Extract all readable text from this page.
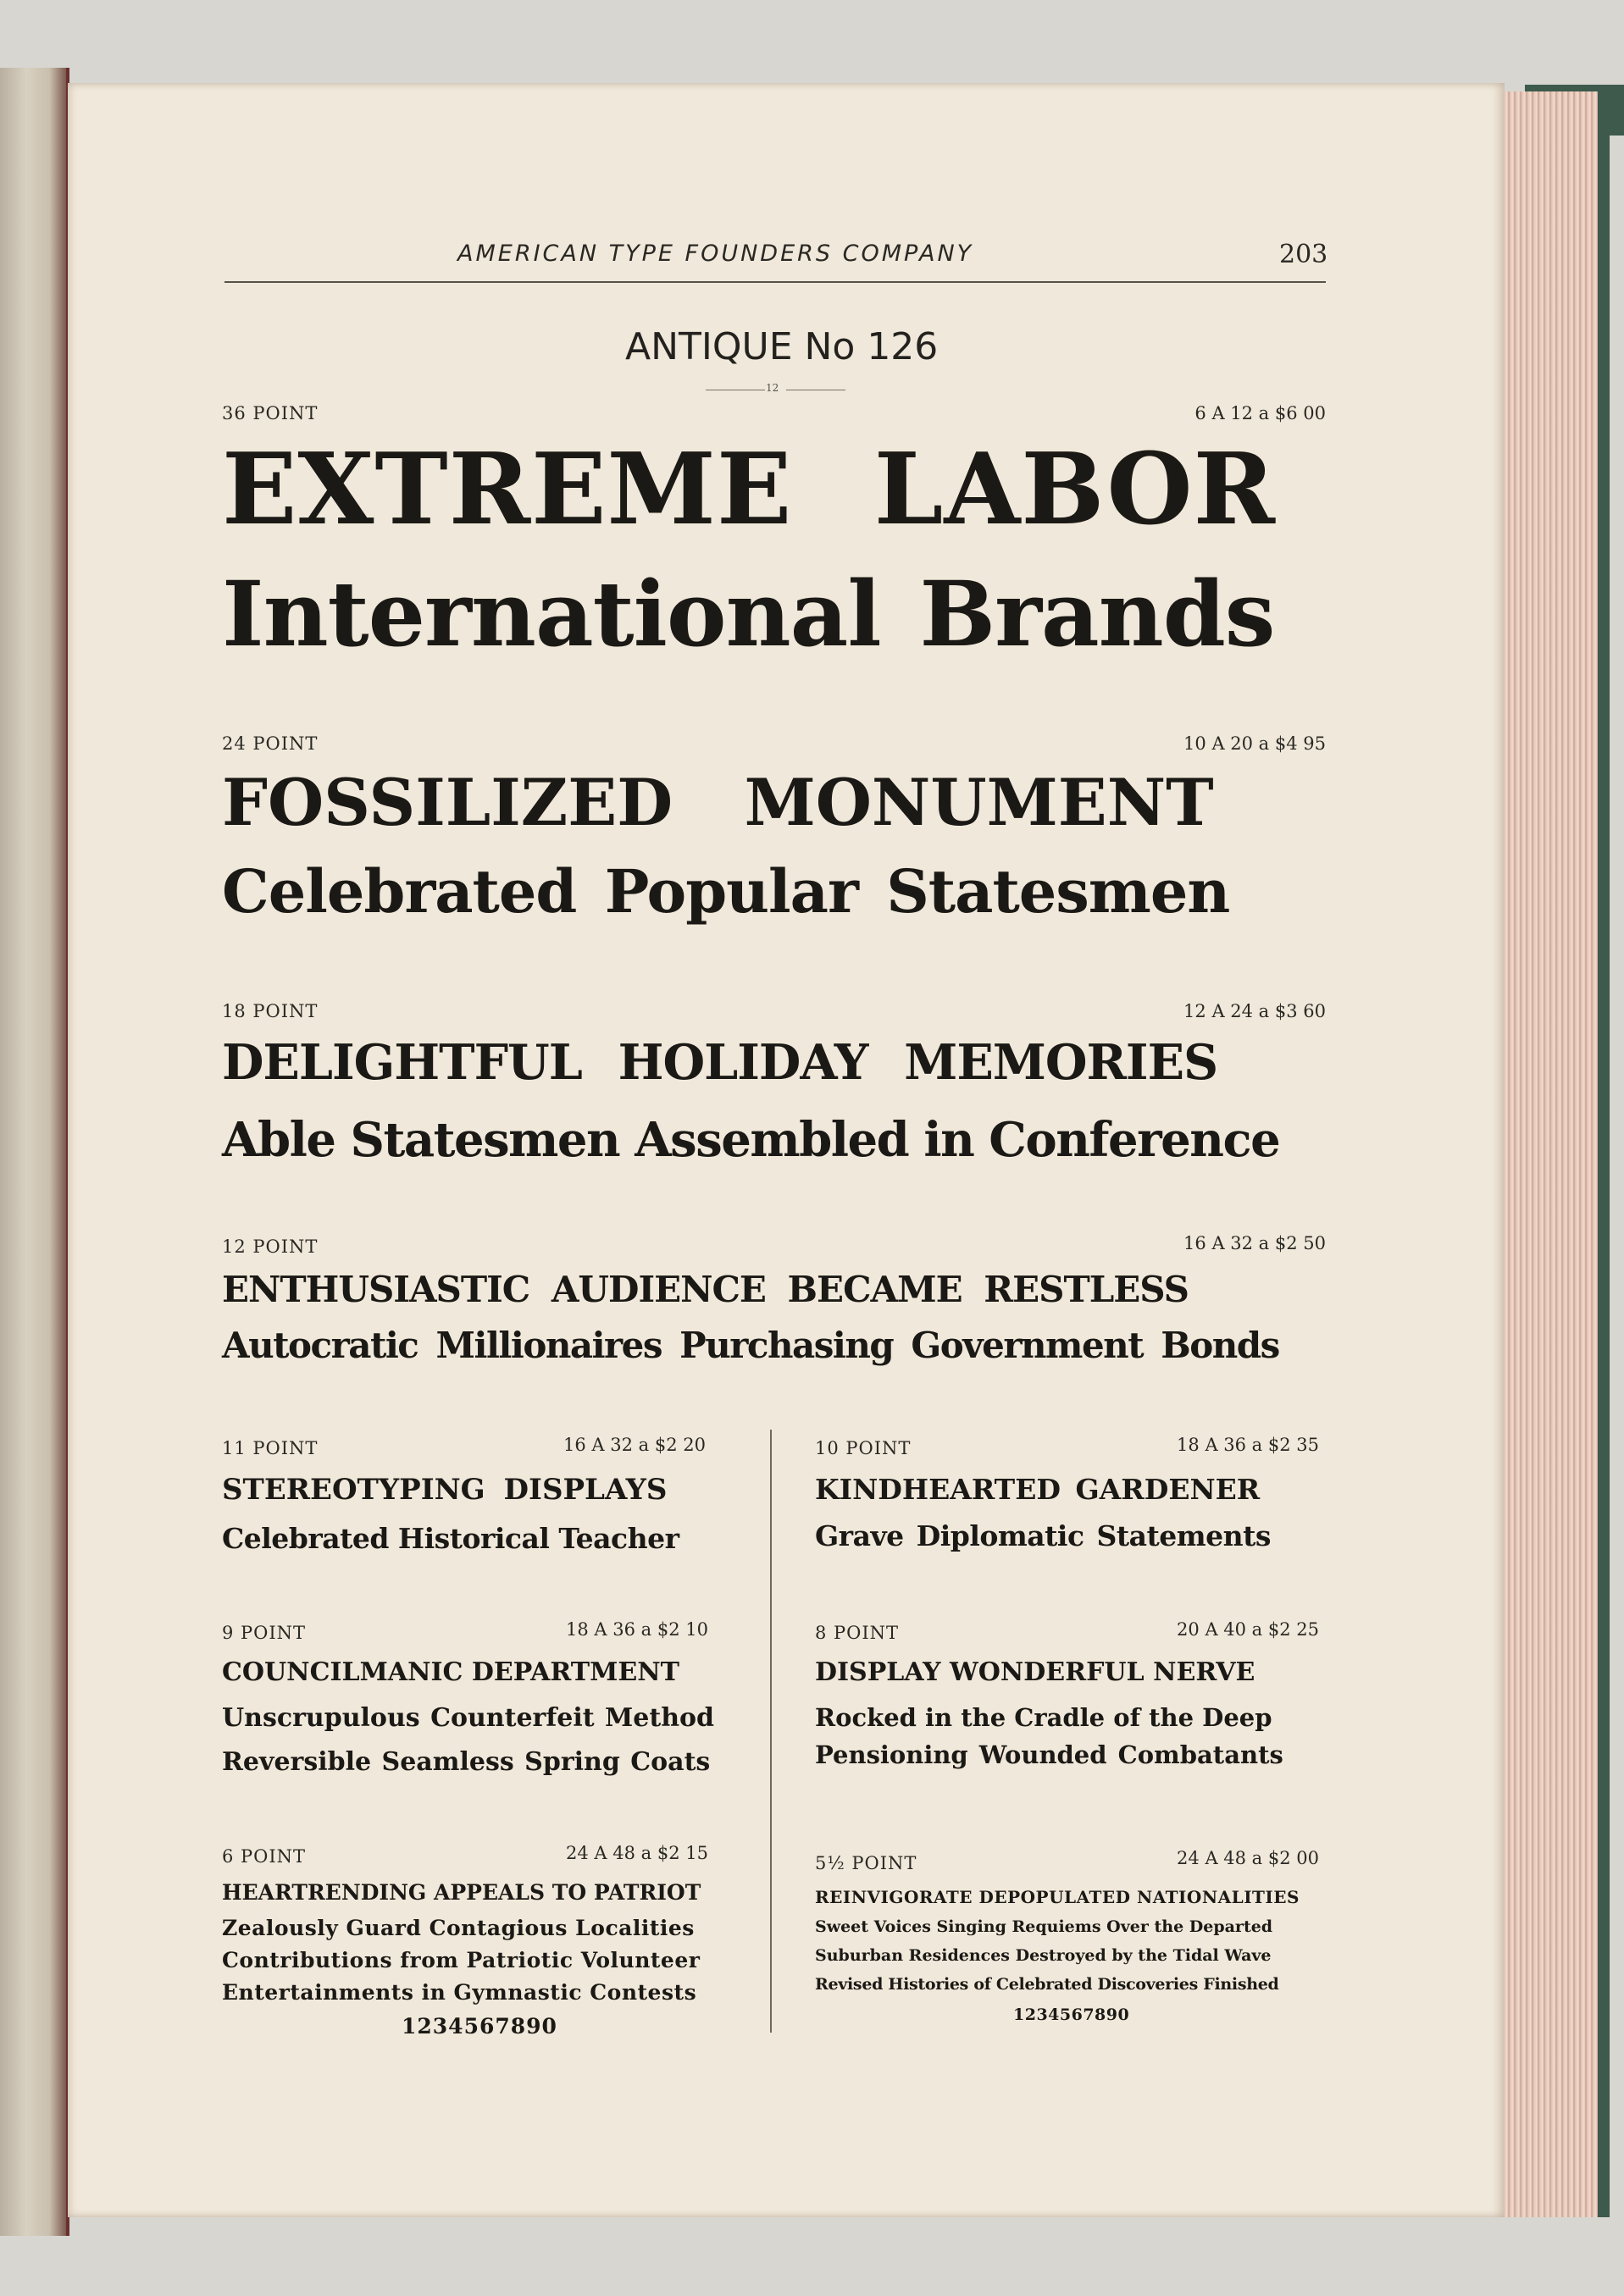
AMERICAN TYPE FOUNDERS COMPANY	203

ANTIQUE No 126

12

36 POINT	6 A 12 a $6 00

EXTREME LABOR

International Brands

24 POINT	10 A 20 a $4 95

FOSSILIZED MONUMENT

Celebrated Popular Statesmen

18 POINT	12 A 24 a $3 60

DELIGHTFUL HOLIDAY MEMORIES

Able Statesmen Assembled in Conference

12 POINT	16 A 32 a $2 50

ENTHUSIASTIC AUDIENCE BECAME RESTLESS

Autocratic Millionaires Purchasing Government Bonds

11 POINT	16 A 32 a $2 20

STEREOTYPING DISPLAYS

Celebrated Historical Teacher

10 POINT	18 A 36 a $2 35

KINDHEARTED GARDENER

Grave Diplomatic Statements

9 POINT	18 A 36 a $2 10

COUNCILMANIC DEPARTMENT

Unscrupulous Counterfeit Method

Reversible Seamless Spring Coats

8 POINT	20 A 40 a $2 25

DISPLAY WONDERFUL NERVE

Rocked in the Cradle of the Deep

Pensioning Wounded Combatants

6 POINT	24 A 48 a $2 15

HEARTRENDING APPEALS TO PATRIOT

Zealously Guard Contagious Localities

Contributions from Patriotic Volunteer

Entertainments in Gymnastic Contests

1234567890

5½ POINT	24 A 48 a $2 00

REINVIGORATE DEPOPULATED NATIONALITIES

Sweet Voices Singing Requiems Over the Departed

Suburban Residences Destroyed by the Tidal Wave

Revised Histories of Celebrated Discoveries Finished

1234567890
